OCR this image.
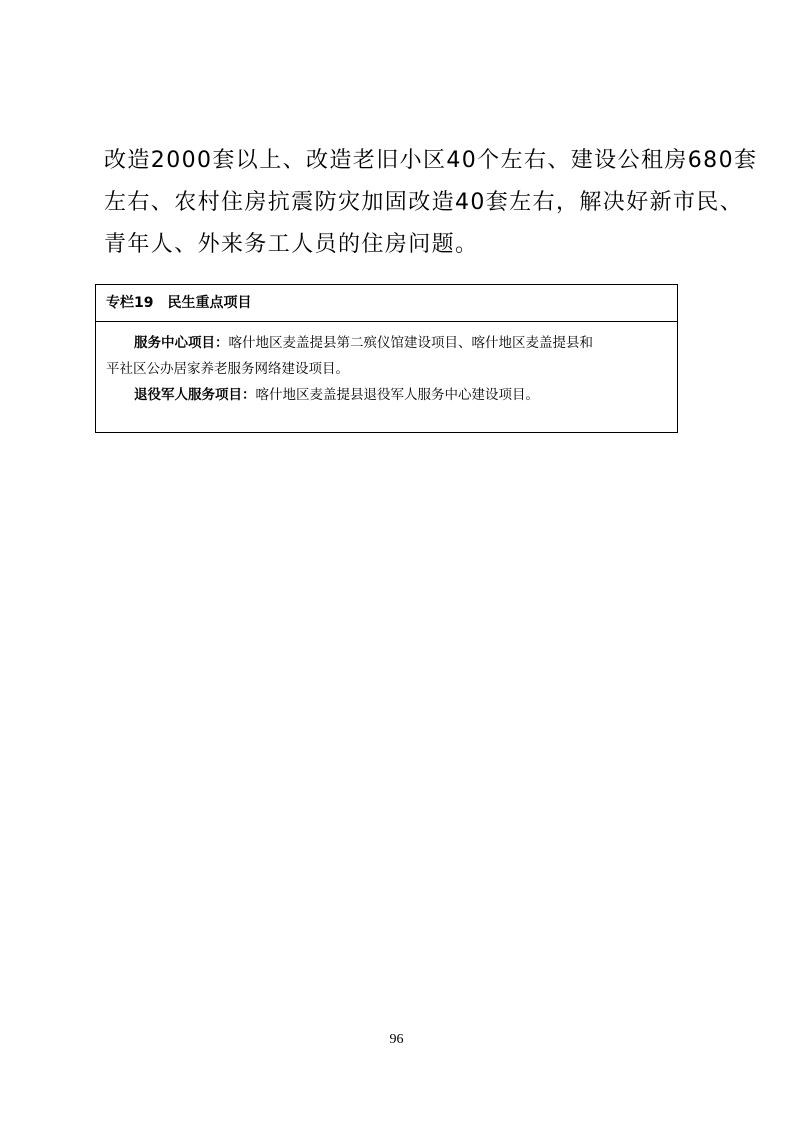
改造2000套以上、改造老旧小区40个左右、建设公租房680套
左右、农村住房抗震防灾加固改造40套左右，解决好新市民、
青年人、外来务工人员的住房问题。
专栏19 民生重点项目

服务中心项目：喀什地区麦盖提县第二殡仪馆建设项目、喀什地区麦盖提县和

平社区公办居家养老服务网络建设项目。

退役军人服务项目：喀什地区麦盖提县退役军人服务中心建设项目。

96
